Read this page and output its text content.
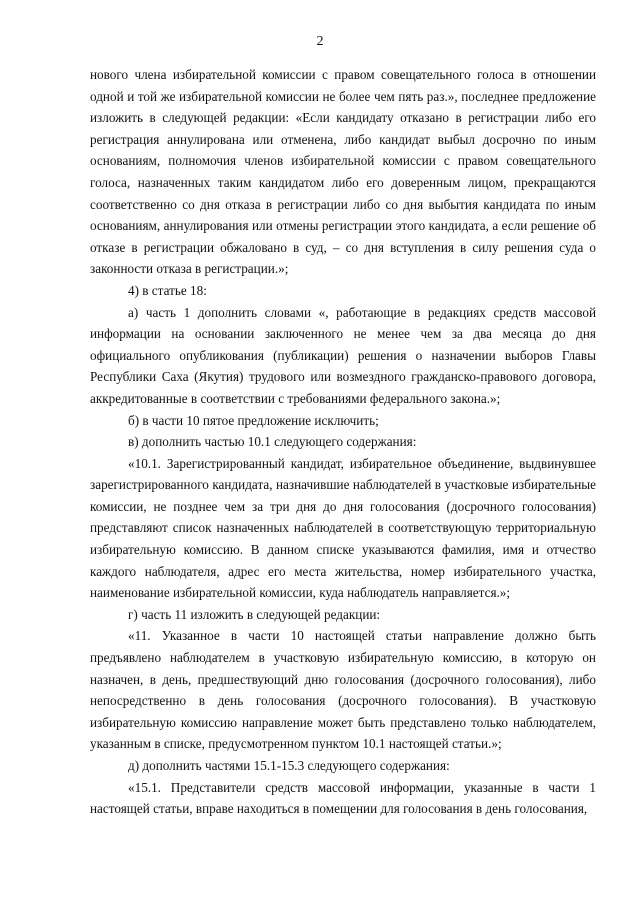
2

нового члена избирательной комиссии с правом совещательного голоса в отношении одной и той же избирательной комиссии не более чем пять раз.», последнее предложение изложить в следующей редакции: «Если кандидату отказано в регистрации либо его регистрация аннулирована или отменена, либо кандидат выбыл досрочно по иным основаниям, полномочия членов избирательной комиссии с правом совещательного голоса, назначенных таким кандидатом либо его доверенным лицом, прекращаются соответственно со дня отказа в регистрации либо со дня выбытия кандидата по иным основаниям, аннулирования или отмены регистрации этого кандидата, а если решение об отказе в регистрации обжаловано в суд, – со дня вступления в силу решения суда о законности отказа в регистрации.»;

4) в статье 18:

а) часть 1 дополнить словами «, работающие в редакциях средств массовой информации на основании заключенного не менее чем за два месяца до дня официального опубликования (публикации) решения о назначении выборов Главы Республики Саха (Якутия) трудового или возмездного гражданско-правового договора, аккредитованные в соответствии с требованиями федерального закона.»;

б) в части 10 пятое предложение исключить;

в) дополнить частью 10.1 следующего содержания:

«10.1. Зарегистрированный кандидат, избирательное объединение, выдвинувшее зарегистрированного кандидата, назначившие наблюдателей в участковые избирательные комиссии, не позднее чем за три дня до дня голосования (досрочного голосования) представляют список назначенных наблюдателей в соответствующую территориальную избирательную комиссию. В данном списке указываются фамилия, имя и отчество каждого наблюдателя, адрес его места жительства, номер избирательного участка, наименование избирательной комиссии, куда наблюдатель направляется.»;

г) часть 11 изложить в следующей редакции:

«11. Указанное в части 10 настоящей статьи направление должно быть предъявлено наблюдателем в участковую избирательную комиссию, в которую он назначен, в день, предшествующий дню голосования (досрочного голосования), либо непосредственно в день голосования (досрочного голосования). В участковую избирательную комиссию направление может быть представлено только наблюдателем, указанным в списке, предусмотренном пунктом 10.1 настоящей статьи.»;

д) дополнить частями 15.1-15.3 следующего содержания:

«15.1. Представители средств массовой информации, указанные в части 1 настоящей статьи, вправе находиться в помещении для голосования в день голосования,
